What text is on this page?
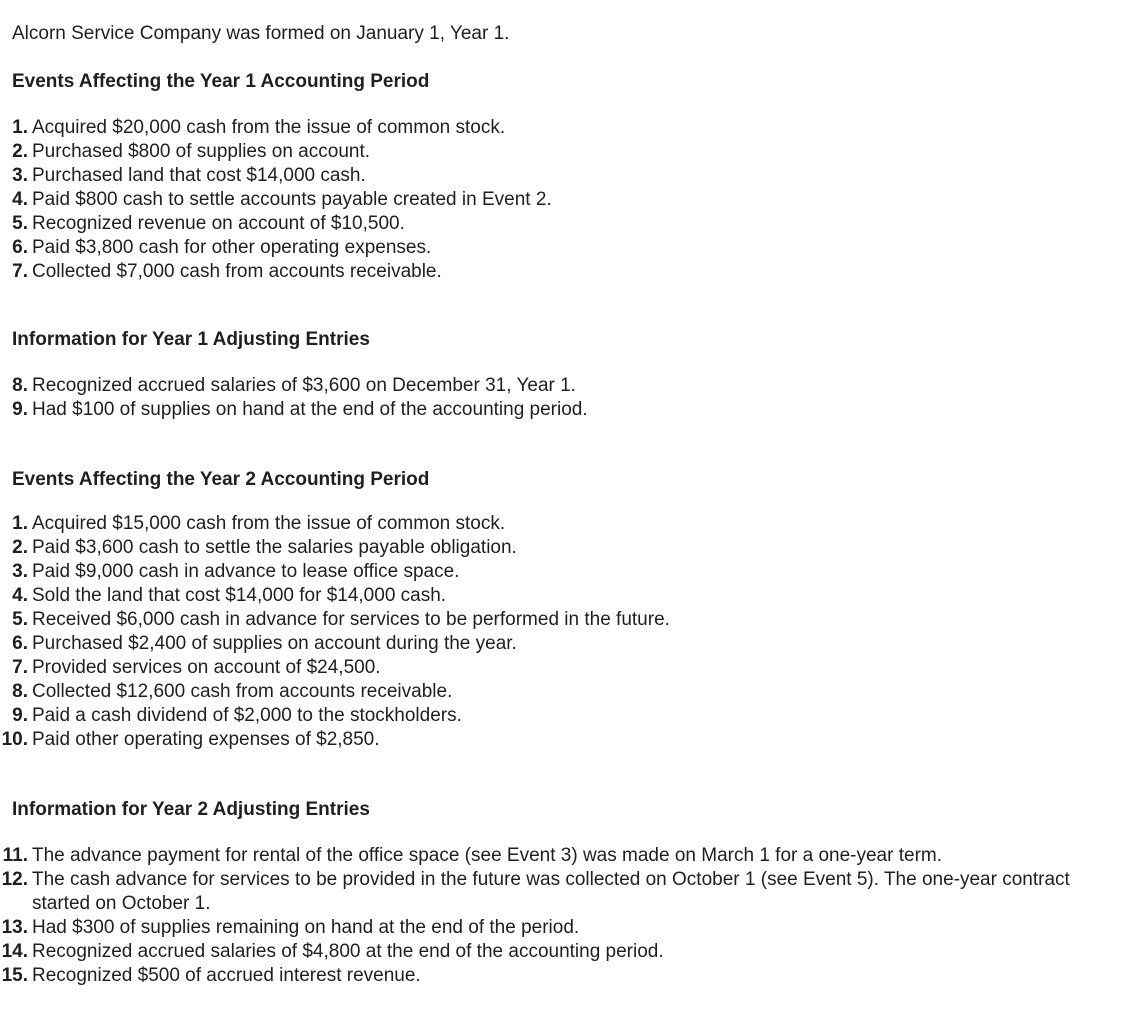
Alcorn Service Company was formed on January 1, Year 1.
Events Affecting the Year 1 Accounting Period
1. Acquired $20,000 cash from the issue of common stock.
2. Purchased $800 of supplies on account.
3. Purchased land that cost $14,000 cash.
4. Paid $800 cash to settle accounts payable created in Event 2.
5. Recognized revenue on account of $10,500.
6. Paid $3,800 cash for other operating expenses.
7. Collected $7,000 cash from accounts receivable.
Information for Year 1 Adjusting Entries
8. Recognized accrued salaries of $3,600 on December 31, Year 1.
9. Had $100 of supplies on hand at the end of the accounting period.
Events Affecting the Year 2 Accounting Period
1. Acquired $15,000 cash from the issue of common stock.
2. Paid $3,600 cash to settle the salaries payable obligation.
3. Paid $9,000 cash in advance to lease office space.
4. Sold the land that cost $14,000 for $14,000 cash.
5. Received $6,000 cash in advance for services to be performed in the future.
6. Purchased $2,400 of supplies on account during the year.
7. Provided services on account of $24,500.
8. Collected $12,600 cash from accounts receivable.
9. Paid a cash dividend of $2,000 to the stockholders.
10. Paid other operating expenses of $2,850.
Information for Year 2 Adjusting Entries
11. The advance payment for rental of the office space (see Event 3) was made on March 1 for a one-year term.
12. The cash advance for services to be provided in the future was collected on October 1 (see Event 5). The one-year contract started on October 1.
13. Had $300 of supplies remaining on hand at the end of the period.
14. Recognized accrued salaries of $4,800 at the end of the accounting period.
15. Recognized $500 of accrued interest revenue.
